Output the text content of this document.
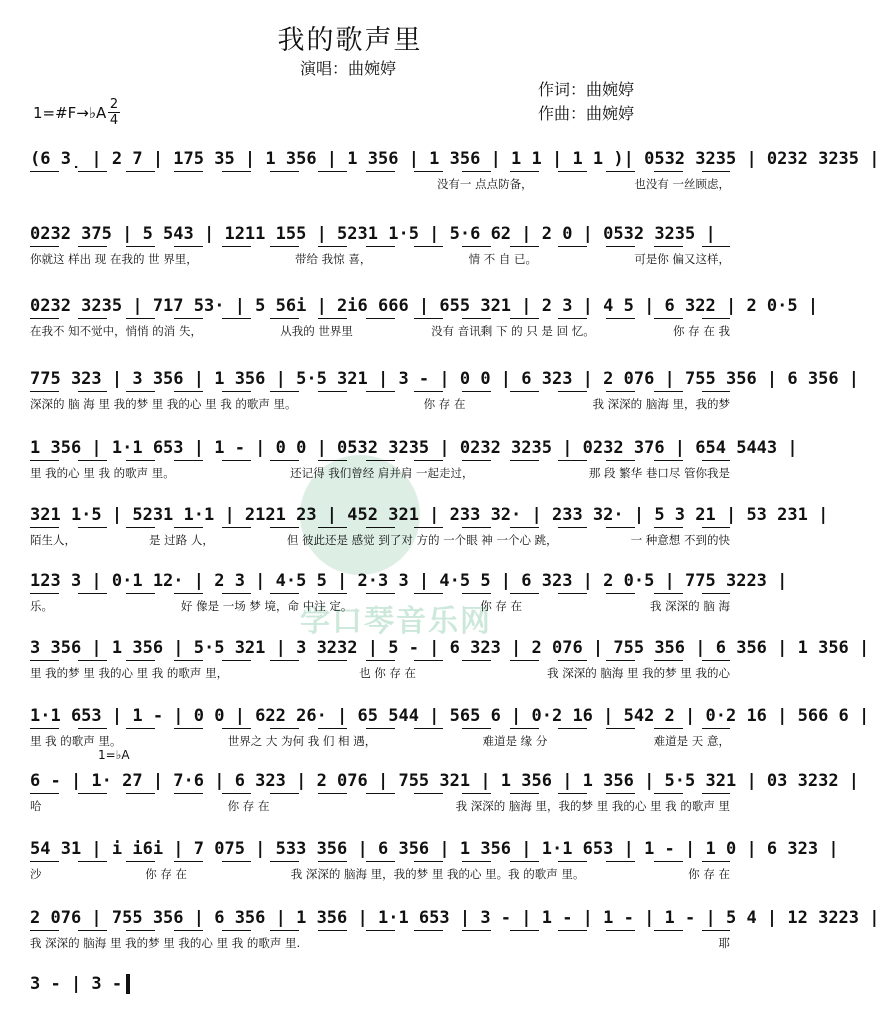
我的歌声里
演唱：曲婉婷
作词：曲婉婷
作曲：曲婉婷
1=#F→♭A 2
4
学口琴音乐网
1=♭A
(6 3̣ | 2 7 | 175 35 | 1 356 | 1 356 | 1 356 | 1 1 | 1 1 ) | 0532 3235 | 0232 3235 |
没有一 点点防备，	也没有 一丝顾虑，
0232 375 | 5 543 | 1211 155 | 5231 1·5 | 5·6 62 | 2 0 | 0532 3235 |
你就这 样出 现 在我的 世 界里，	带给 我惊 喜，	情 不 自 已。	可是你 偏又这样，
0232 3235 | 717 53· | 5 56i | 2i6 666 | 655 321 | 2 3 | 4 5 | 6 322 | 2 0·5 |
在我不 知不觉中，悄悄 的消 失，	从我的 世界里	没有 音讯剩 下 的 只 是 回 忆。	你 存 在 我
775 323 | 3 356 | 1 356 | 5·5 321 | 3 - | 0 0 | 6 323 | 2 076 | 755 356 | 6 356 |
深深的 脑 海 里 我的梦 里 我的心 里 我 的歌声 里。	你 存 在	我 深深的 脑海 里，我的梦
1 356 | 1·1 653 | 1 - | 0 0 | 0532 3235 | 0232 3235 | 0232 376 | 654 5443 |
里 我的心 里 我 的歌声 里。	还记得 我们曾经 肩并肩 一起走过，	那 段 繁华 巷口尽 管你我是
321 1·5 | 5231 1·1 | 2121 23 | 452 321 | 233 32· | 233 32· | 5 3 21 | 53 231 |
陌生人，	是 过路 人，	但 彼此还是 感觉 到了对 方的 一个眼 神 一个心 跳，	一 种意想 不到的快
123 3 | 0·1 12· | 2 3 | 4·5 5 | 2·3 3 | 4·5 5 | 6 323 | 2 0·5 | 775 3223 |
乐。	好 像是 一场 梦 境，命 中注 定。	你 存 在	我 深深的 脑 海
3 356 | 1 356 | 5·5 321 | 3 3232 | 5 - | 6 323 | 2 076 | 755 356 | 6 356 | 1 356 |
里 我的梦 里 我的心 里 我 的歌声 里，	也 你 存 在	我 深深的 脑海 里 我的梦 里 我的心
1·1 653 | 1 - | 0 0 | 622 26· | 65 544 | 565 6 | 0·2 16 | 542 2 | 0·2 16 | 566 6 |
里 我 的歌声 里。	世界之 大 为何 我 们 相 遇，	难道是 缘 分	难道是 天 意，
6 - | 1· 27 | 7·6 | 6 323 | 2 076 | 755 321 | 1 356 | 1 356 | 5·5 321 | 03 3232 |
哈	你 存 在	我 深深的 脑海 里，我的梦 里 我的心 里 我 的歌声 里
54 31 | i i6i | 7 075 | 533 356 | 6 356 | 1 356 | 1·1 653 | 1 - | 1 0 | 6 323 |
沙	你 存 在	我 深深的 脑海 里，我的梦 里 我的心 里。我 的歌声 里。	你 存 在
2 076 | 755 356 | 6 356 | 1 356 | 1·1 653 | 3 - | 1 - | 1 - | 1 - | 5 4 | 12 3223 |
我 深深的 脑海 里 我的梦 里 我的心 里 我 的歌声 里.	耶
3 - | 3 -
